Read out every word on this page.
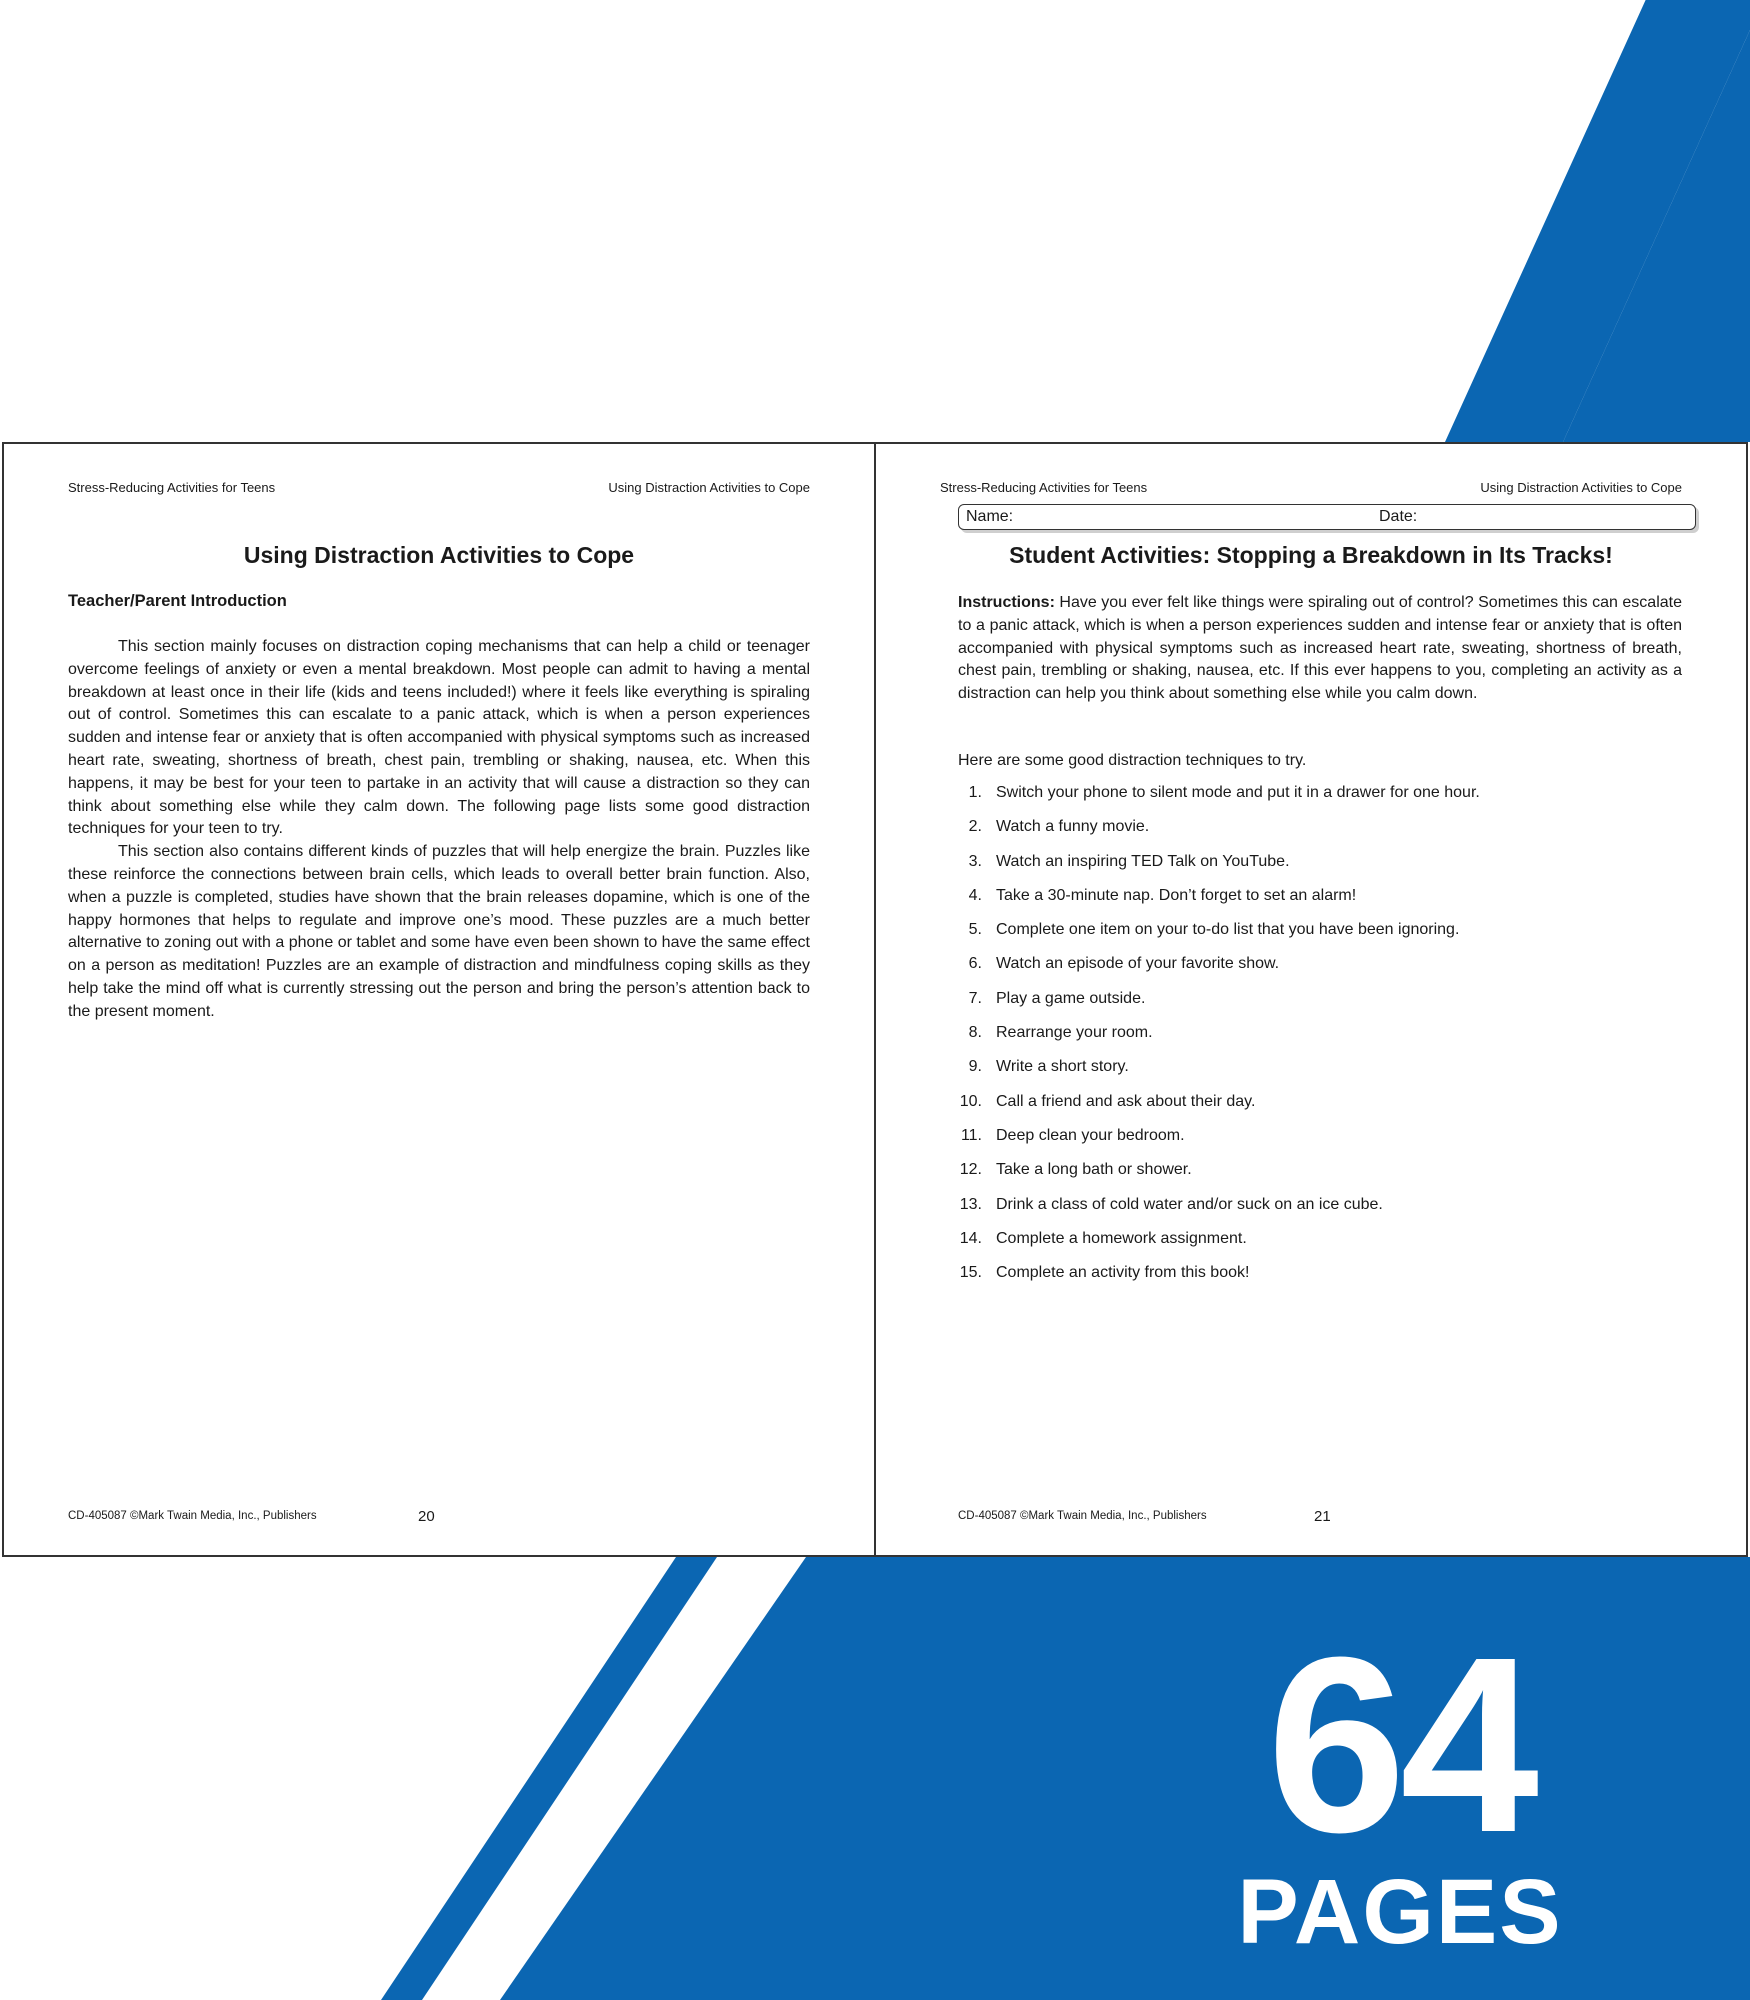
Stress-Reducing Activities for Teens	Using Distraction Activities to Cope
Using Distraction Activities to Cope
Teacher/Parent Introduction

This section mainly focuses on distraction coping mechanisms that can help a child or teenager overcome feelings of anxiety or even a mental breakdown. Most people can admit to having a mental breakdown at least once in their life (kids and teens included!) where it feels like everything is spiraling out of control. Sometimes this can escalate to a panic attack, which is when a person experiences sudden and intense fear or anxiety that is often accompanied with physical symptoms such as increased heart rate, sweating, shortness of breath, chest pain, trembling or shaking, nausea, etc. When this happens, it may be best for your teen to partake in an activity that will cause a distraction so they can think about something else while they calm down. The following page lists some good distraction techniques for your teen to try.

This section also contains different kinds of puzzles that will help energize the brain. Puzzles like these reinforce the connections between brain cells, which leads to overall better brain function. Also, when a puzzle is completed, studies have shown that the brain releases dopamine, which is one of the happy hormones that helps to regulate and improve one’s mood. These puzzles are a much better alternative to zoning out with a phone or tablet and some have even been shown to have the same effect on a person as meditation! Puzzles are an example of distraction and mindfulness coping skills as they help take the mind off what is currently stressing out the person and bring the person’s attention back to the present moment.

CD-405087 ©Mark Twain Media, Inc., Publishers	20
Stress-Reducing Activities for Teens	Using Distraction Activities to Cope
Name:	Date:
Student Activities: Stopping a Breakdown in Its Tracks!

Instructions: Have you ever felt like things were spiraling out of control? Sometimes this can escalate to a panic attack, which is when a person experiences sudden and intense fear or anxiety that is often accompanied with physical symptoms such as increased heart rate, sweating, shortness of breath, chest pain, trembling or shaking, nausea, etc. If this ever happens to you, completing an activity as a distraction can help you think about something else while you calm down.

Here are some good distraction techniques to try.

1. Switch your phone to silent mode and put it in a drawer for one hour.
2. Watch a funny movie.
3. Watch an inspiring TED Talk on YouTube.
4. Take a 30-minute nap. Don’t forget to set an alarm!
5. Complete one item on your to-do list that you have been ignoring.
6. Watch an episode of your favorite show.
7. Play a game outside.
8. Rearrange your room.
9. Write a short story.
10. Call a friend and ask about their day.
11. Deep clean your bedroom.
12. Take a long bath or shower.
13. Drink a class of cold water and/or suck on an ice cube.
14. Complete a homework assignment.
15. Complete an activity from this book!
CD-405087 ©Mark Twain Media, Inc., Publishers	21
64
PAGES
